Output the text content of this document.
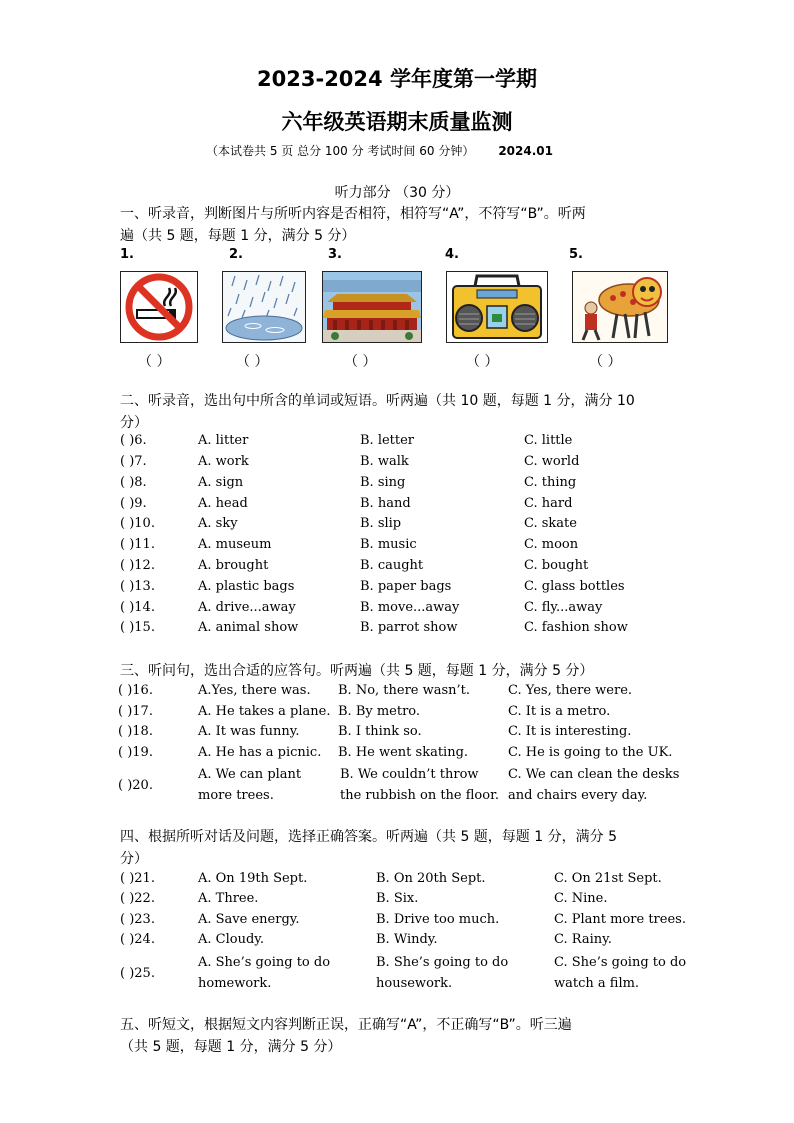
2023-2024 学年度第一学期
六年级英语期末质量监测
（本试卷共 5 页 总分 100 分 考试时间 60 分钟） 2024.01
听力部分 （30 分）
一、听录音，判断图片与所听内容是否相符，相符写“A”，不符写“B”。听两
遍（共 5 题，每题 1 分，满分 5 分）
1.	2.	3.	4.	5.
（ ）	（ ）	（ ）	（ ）	（ ）
二、听录音，选出句中所含的单词或短语。听两遍（共 10 题，每题 1 分，满分 10
分）
( )6.	A. litter	B. letter	C. little
( )7.	A. work	B. walk	C. world
( )8.	A. sign	B. sing	C. thing
( )9.	A. head	B. hand	C. hard
( )10.	A. sky	B. slip	C. skate
( )11.	A. museum	B. music	C. moon
( )12.	A. brought	B. caught	C. bought
( )13.	A. plastic bags	B. paper bags	C. glass bottles
( )14.	A. drive...away	B. move...away	C. fly...away
( )15.	A. animal show	B. parrot show	C. fashion show
三、听问句，选出合适的应答句。听两遍（共 5 题，每题 1 分，满分 5 分）
( )16.	A.Yes, there was. B. No, there wasn’t.	C. Yes, there were.
( )17.	A. He takes a plane. B. By metro.	C. It is a metro.
( )18.	A. It was funny.	B. I think so.	C. It is interesting.
( )19.	A. He has a picnic. B. He went skating.	C. He is going to the UK.
( )20.
A. We can plant
more trees.
B. We couldn’t throw
the rubbish on the floor.
C. We can clean the desks
and chairs every day.
四、根据所听对话及问题，选择正确答案。听两遍（共 5 题，每题 1 分，满分 5
分）
( )21.	A. On 19th Sept.	B. On 20th Sept.	C. On 21st Sept.
( )22.	A. Three.	B. Six.	C. Nine.
( )23.	A. Save energy.	B. Drive too much.	C. Plant more trees.
( )24.	A. Cloudy.	B. Windy.	C. Rainy.
( )25.
A. She’s going to do
homework.
B. She’s going to do
housework.
C. She’s going to do
watch a film.
五、听短文，根据短文内容判断正误，正确写“A”，不正确写“B”。听三遍
（共 5 题，每题 1 分，满分 5 分）
